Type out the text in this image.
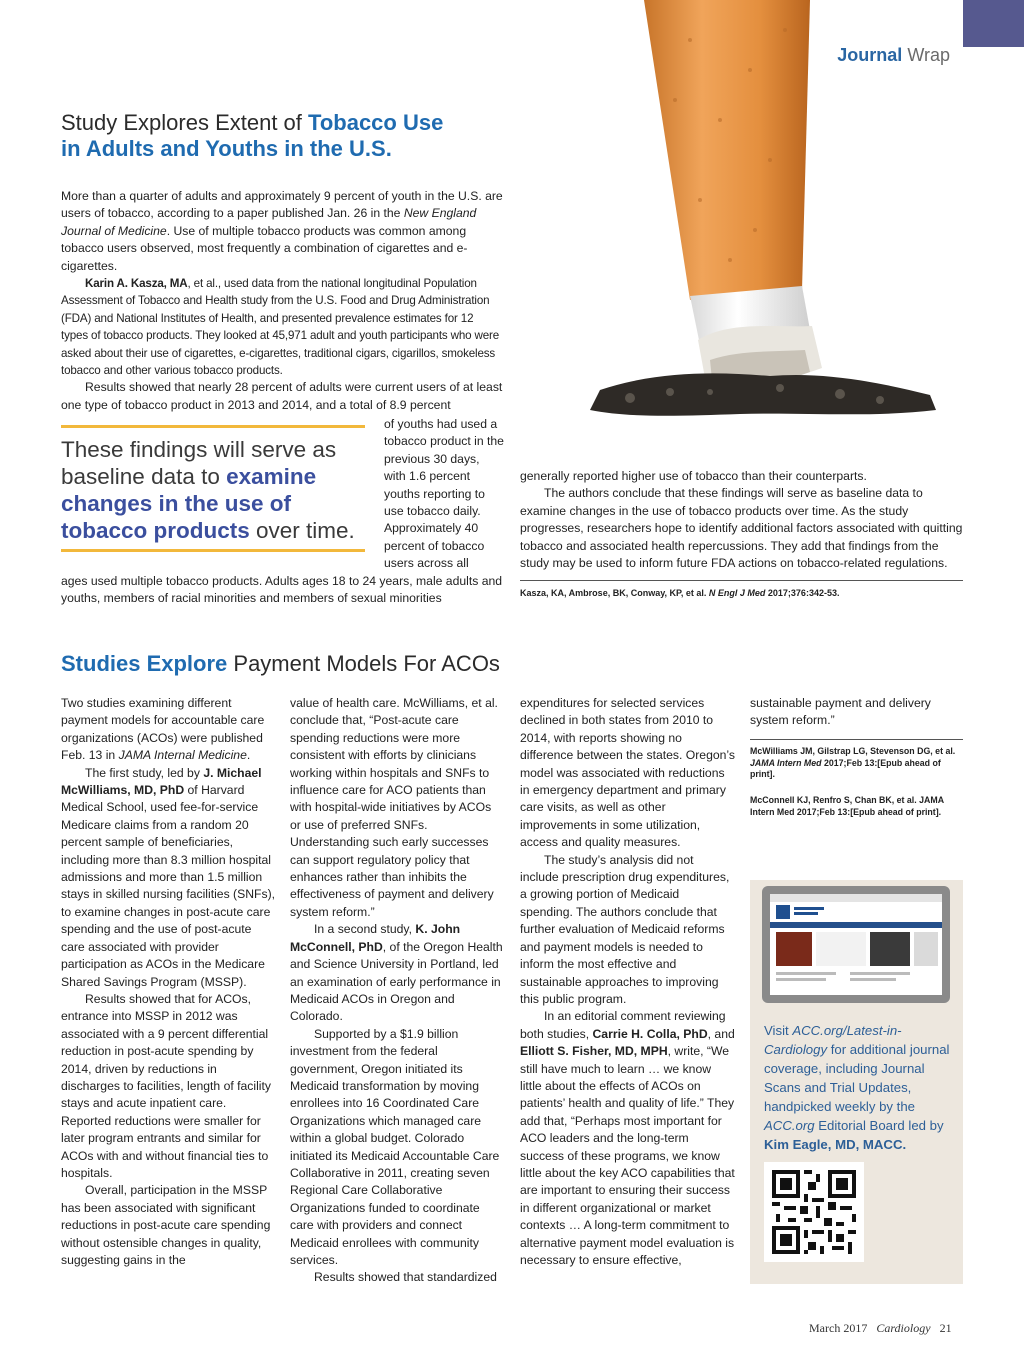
Journal Wrap
Study Explores Extent of Tobacco Use
in Adults and Youths in the U.S.

More than a quarter of adults and approximately 9 percent of youth in the U.S. are users of tobacco, according to a paper published Jan. 26 in the New England Journal of Medicine. Use of multiple tobacco products was common among tobacco users observed, most frequently a combination of cigarettes and e-cigarettes.

Karin A. Kasza, MA, et al., used data from the national longitudinal Population Assessment of Tobacco and Health study from the U.S. Food and Drug Administration (FDA) and National Institutes of Health, and presented prevalence estimates for 12 types of tobacco products. They looked at 45,971 adult and youth participants who were asked about their use of cigarettes, e-cigarettes, traditional cigars, cigarillos, smokeless tobacco and other various tobacco products.

Results showed that nearly 28 percent of adults were current users of at least one type of tobacco product in 2013 and 2014, and a total of 8.9 percent

These findings will serve as baseline data to examine changes in the use of tobacco products over time.

of youths had used a tobacco product in the previous 30 days, with 1.6 percent youths reporting to use tobacco daily. Approximately 40 percent of tobacco users across all

ages used multiple tobacco products. Adults ages 18 to 24 years, male adults and youths, members of racial minorities and members of sexual minorities

generally reported higher use of tobacco than their counterparts.

The authors conclude that these findings will serve as baseline data to examine changes in the use of tobacco products over time. As the study progresses, researchers hope to identify additional factors associated with quitting tobacco and associated health repercussions. They add that findings from the study may be used to inform future FDA actions on tobacco-related regulations.

Kasza, KA, Ambrose, BK, Conway, KP, et al. N Engl J Med 2017;376:342-53.
Studies Explore Payment Models For ACOs

Two studies examining different payment models for accountable care organizations (ACOs) were published Feb. 13 in JAMA Internal Medicine.

The first study, led by J. Michael McWilliams, MD, PhD of Harvard Medical School, used fee-for-service Medicare claims from a random 20 percent sample of beneficiaries, including more than 8.3 million hospital admissions and more than 1.5 million stays in skilled nursing facilities (SNFs), to examine changes in post-acute care spending and the use of post-acute care associated with provider participation as ACOs in the Medicare Shared Savings Program (MSSP).

Results showed that for ACOs, entrance into MSSP in 2012 was associated with a 9 percent differential reduction in post-acute spending by 2014, driven by reductions in discharges to facilities, length of facility stays and acute inpatient care. Reported reductions were smaller for later program entrants and similar for ACOs with and without financial ties to hospitals.

Overall, participation in the MSSP has been associated with significant reductions in post-acute care spending without ostensible changes in quality, suggesting gains in the

value of health care. McWilliams, et al. conclude that, “Post-acute care spending reductions were more consistent with efforts by clinicians working within hospitals and SNFs to influence care for ACO patients than with hospital-wide initiatives by ACOs or use of preferred SNFs. Understanding such early successes can support regulatory policy that enhances rather than inhibits the effectiveness of payment and delivery system reform.”

In a second study, K. John McConnell, PhD, of the Oregon Health and Science University in Portland, led an examination of early performance in Medicaid ACOs in Oregon and Colorado.

Supported by a $1.9 billion investment from the federal government, Oregon initiated its Medicaid transformation by moving enrollees into 16 Coordinated Care Organizations which managed care within a global budget. Colorado initiated its Medicaid Accountable Care Collaborative in 2011, creating seven Regional Care Collaborative Organizations funded to coordinate care with providers and connect Medicaid enrollees with community services.

Results showed that standardized

expenditures for selected services declined in both states from 2010 to 2014, with reports showing no difference between the states. Oregon’s model was associated with reductions in emergency department and primary care visits, as well as other improvements in some utilization, access and quality measures.

The study’s analysis did not include prescription drug expenditures, a growing portion of Medicaid spending. The authors conclude that further evaluation of Medicaid reforms and payment models is needed to inform the most effective and sustainable approaches to improving this public program.

In an editorial comment reviewing both studies, Carrie H. Colla, PhD, and Elliott S. Fisher, MD, MPH, write, “We still have much to learn … we know little about the effects of ACOs on patients’ health and quality of life.” They add that, “Perhaps most important for ACO leaders and the long-term success of these programs, we know little about the key ACO capabilities that are important to ensuring their success in different organizational or market contexts … A long-term commitment to alternative payment model evaluation is necessary to ensure effective,

sustainable payment and delivery system reform.”

McWilliams JM, Gilstrap LG, Stevenson DG, et al. JAMA Intern Med 2017;Feb 13:[Epub ahead of print].
McConnell KJ, Renfro S, Chan BK, et al. JAMA Intern Med 2017;Feb 13:[Epub ahead of print].
Visit ACC.org/Latest-in-Cardiology for additional journal coverage, including Journal Scans and Trial Updates, handpicked weekly by the ACC.org Editorial Board led by Kim Eagle, MD, MACC.
March 2017 Cardiology 21
